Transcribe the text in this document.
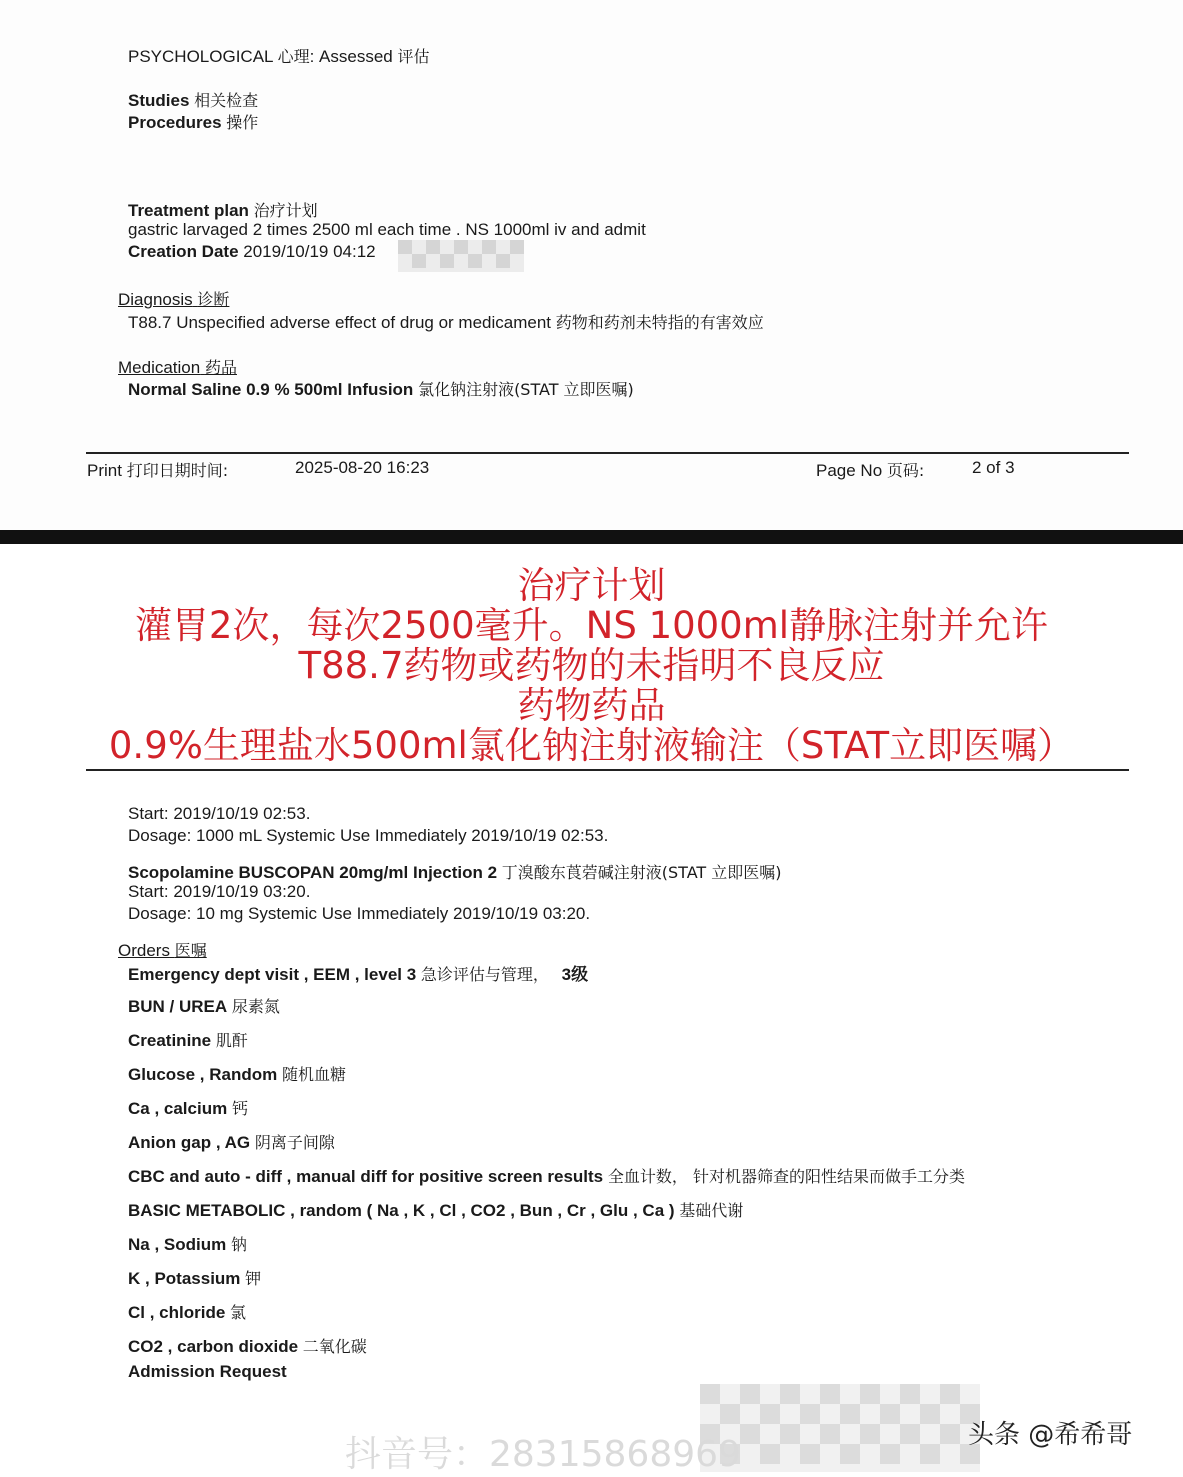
PSYCHOLOGICAL 心理: Assessed 评估
Studies 相关检查
Procedures 操作
Treatment plan 治疗计划
gastric larvaged 2 times 2500 ml each time . NS 1000ml iv and admit
Creation Date 2019/10/19 04:12
Diagnosis 诊断
T88.7 Unspecified adverse effect of drug or medicament 药物和药剂未特指的有害效应
Medication 药品
Normal Saline 0.9 % 500ml Infusion 氯化钠注射液(STAT 立即医嘱)
Print 打印日期时间:	2025-08-20 16:23	Page No 页码:	2 of 3
治疗计划
灌胃2次，每次2500毫升。NS 1000ml静脉注射并允许
T88.7药物或药物的未指明不良反应
药物药品
0.9%生理盐水500ml氯化钠注射液输注（STAT立即医嘱）
Start: 2019/10/19 02:53.
Dosage: 1000 mL Systemic Use Immediately 2019/10/19 02:53.
Scopolamine BUSCOPAN 20mg/ml Injection 2 丁溴酸东莨菪碱注射液(STAT 立即医嘱)
Start: 2019/10/19 03:20.
Dosage: 10 mg Systemic Use Immediately 2019/10/19 03:20.
Orders 医嘱
Emergency dept visit , EEM , level 3 急诊评估与管理， 3级
BUN / UREA 尿素氮
Creatinine 肌酐
Glucose , Random 随机血糖
Ca , calcium 钙
Anion gap , AG 阴离子间隙
CBC and auto - diff , manual diff for positive screen results 全血计数， 针对机器筛查的阳性结果而做手工分类
BASIC METABOLIC , random ( Na , K , Cl , CO2 , Bun , Cr , Glu , Ca ) 基础代谢
Na , Sodium 钠
K , Potassium 钾
Cl , chloride 氯
CO2 , carbon dioxide 二氧化碳
Admission Request
抖音号：28315868969	头条 @希希哥
